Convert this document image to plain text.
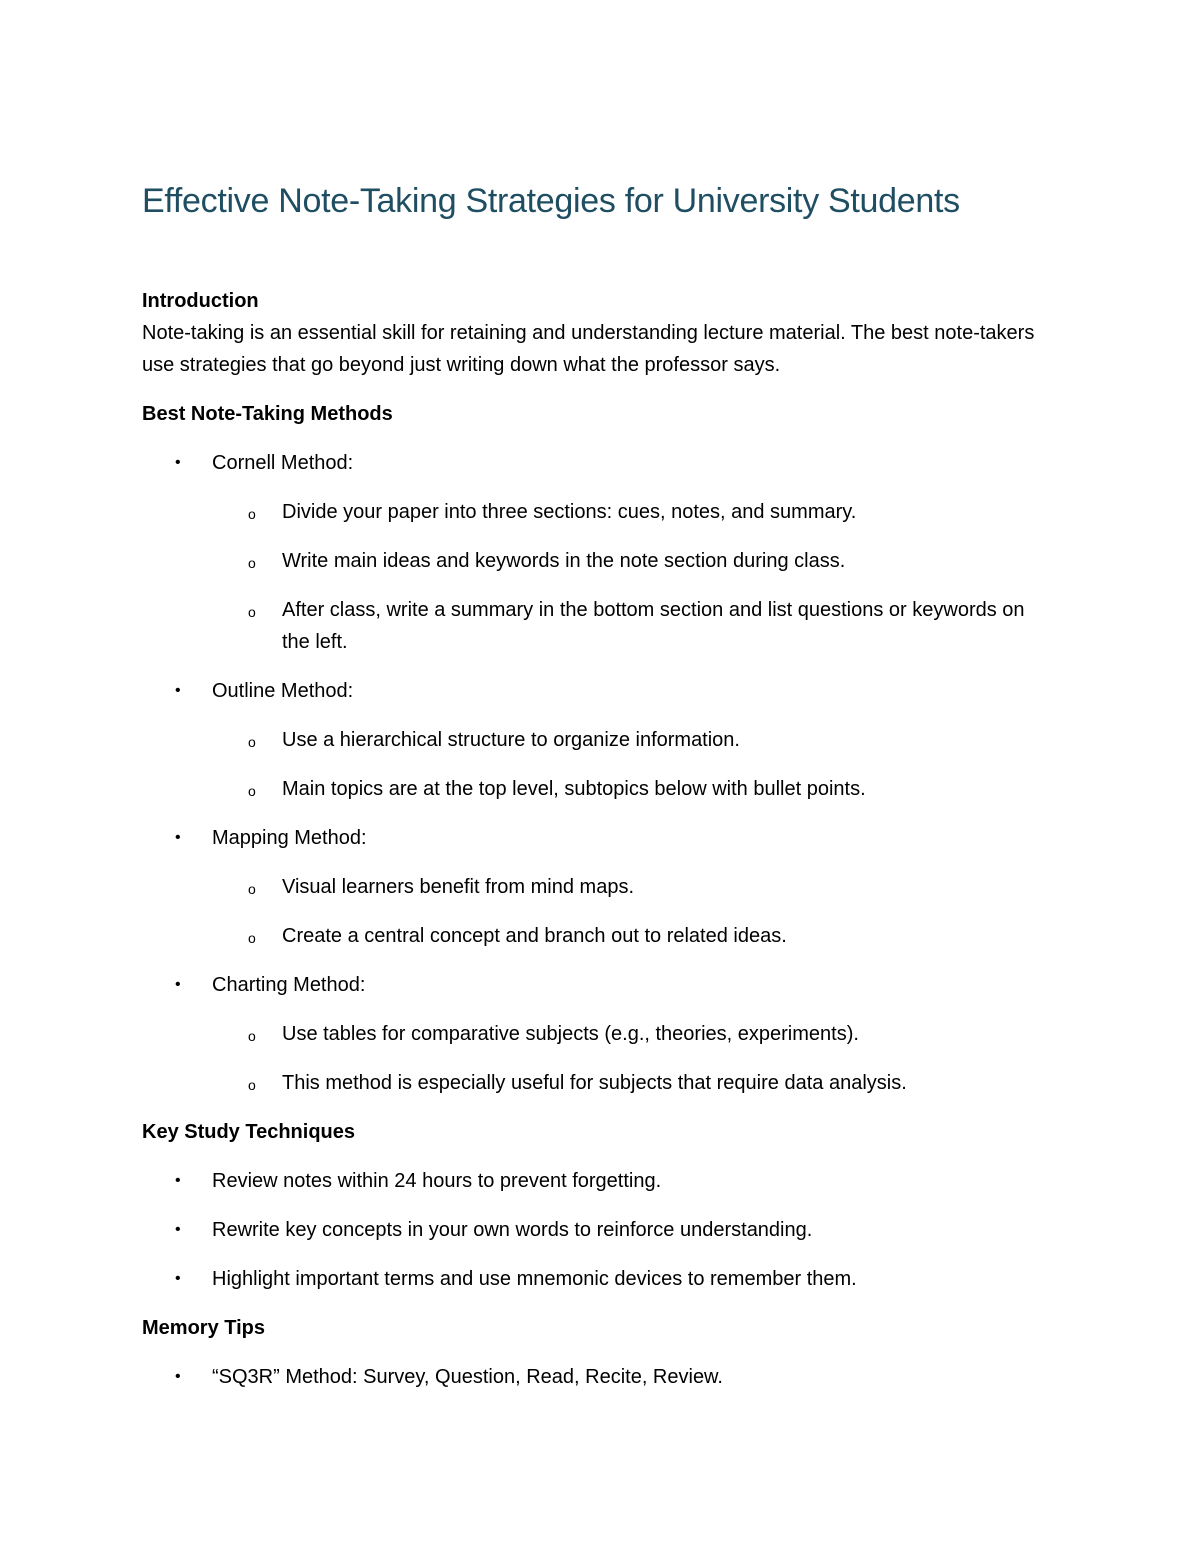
Effective Note-Taking Strategies for University Students

Introduction

Note-taking is an essential skill for retaining and understanding lecture material. The best note-takers use strategies that go beyond just writing down what the professor says.

Best Note-Taking Methods

• Cornell Method:
o Divide your paper into three sections: cues, notes, and summary.
o Write main ideas and keywords in the note section during class.
o After class, write a summary in the bottom section and list questions or keywords on the left.
• Outline Method:
o Use a hierarchical structure to organize information.
o Main topics are at the top level, subtopics below with bullet points.
• Mapping Method:
o Visual learners benefit from mind maps.
o Create a central concept and branch out to related ideas.
• Charting Method:
o Use tables for comparative subjects (e.g., theories, experiments).
o This method is especially useful for subjects that require data analysis.

Key Study Techniques

• Review notes within 24 hours to prevent forgetting.
• Rewrite key concepts in your own words to reinforce understanding.
• Highlight important terms and use mnemonic devices to remember them.

Memory Tips

• “SQ3R” Method: Survey, Question, Read, Recite, Review.
